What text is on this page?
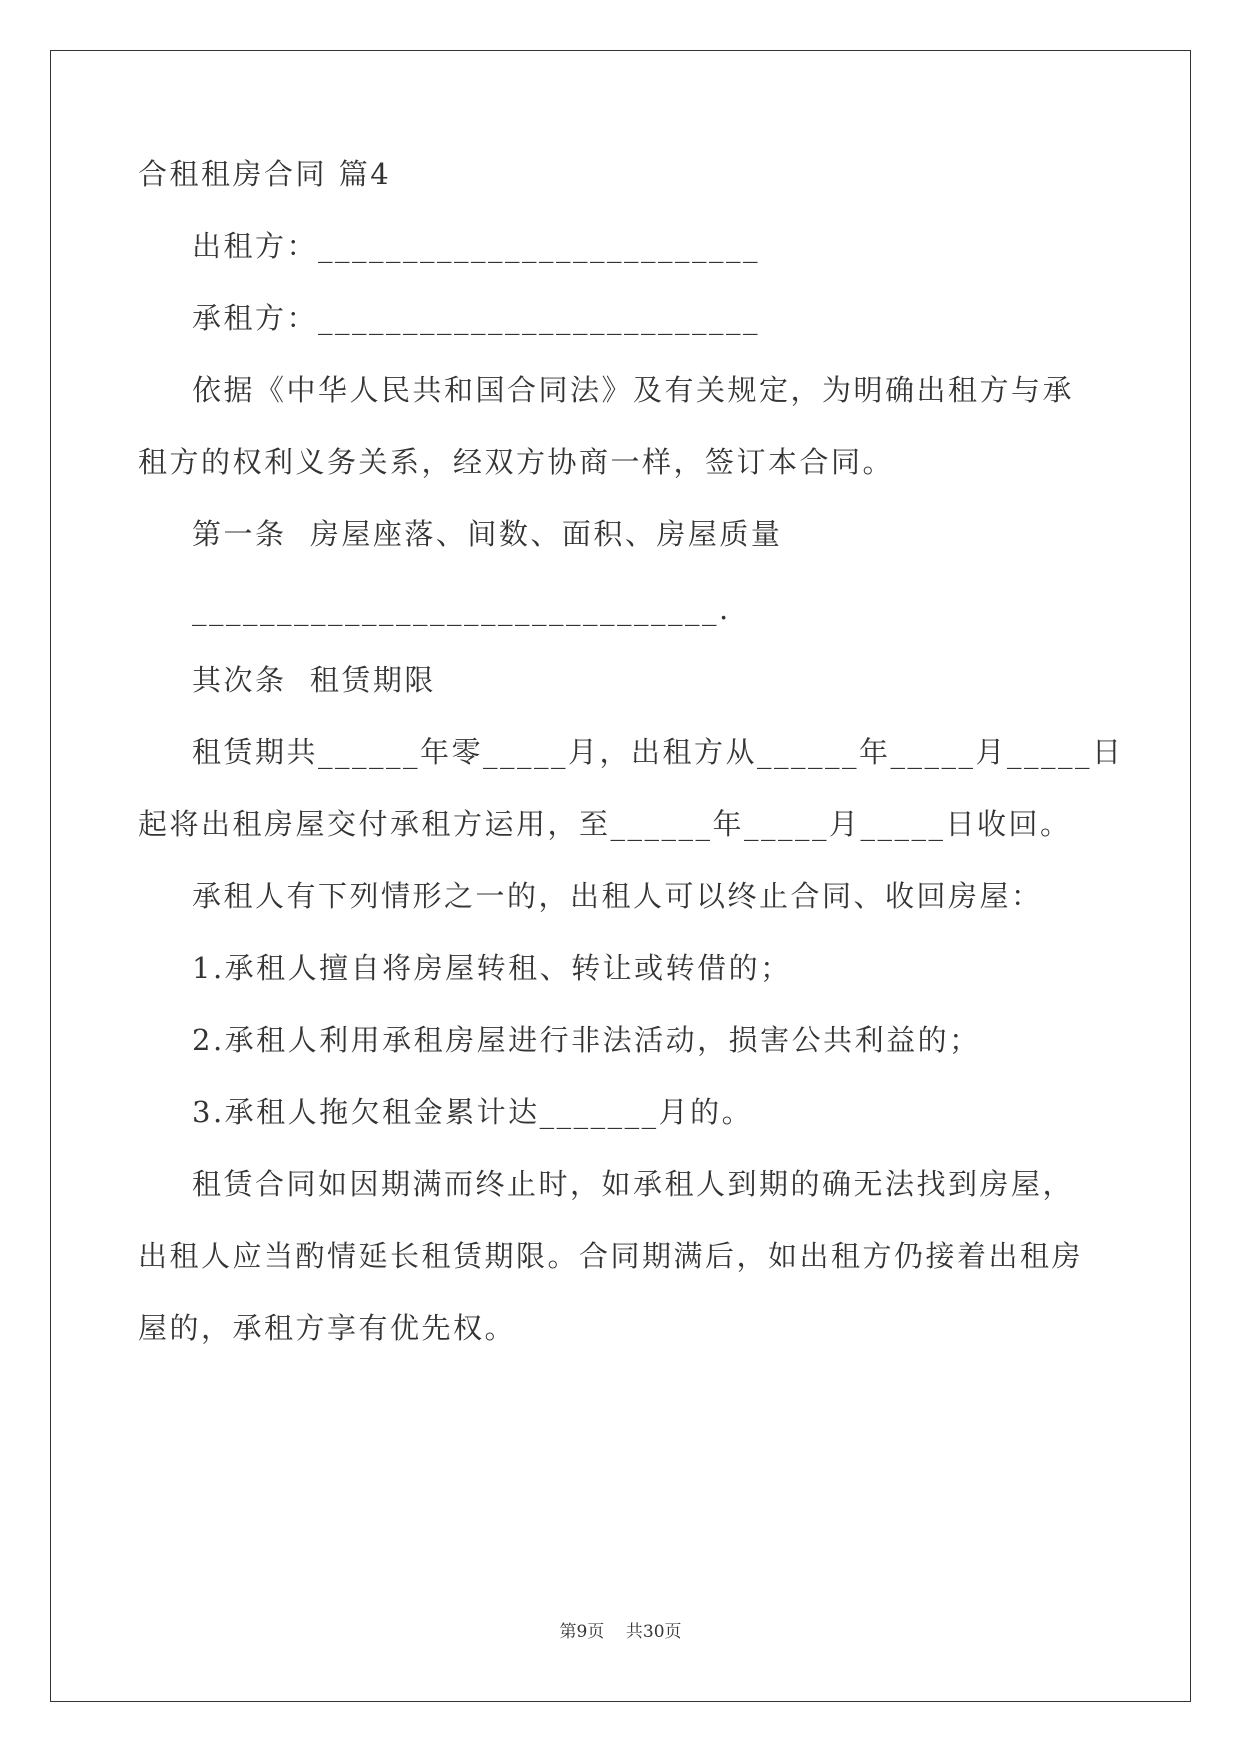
合租租房合同 篇4
出租方：__________________________
承租方：__________________________
依据《中华人民共和国合同法》及有关规定，为明确出租方与承
租方的权利义务关系，经双方协商一样，签订本合同。
第一条  房屋座落、间数、面积、房屋质量
_______________________________.
其次条  租赁期限
租赁期共______年零_____月，出租方从______年_____月_____日
起将出租房屋交付承租方运用，至______年_____月_____日收回。
承租人有下列情形之一的，出租人可以终止合同、收回房屋：
1.承租人擅自将房屋转租、转让或转借的；
2.承租人利用承租房屋进行非法活动，损害公共利益的；
3.承租人拖欠租金累计达_______月的。
租赁合同如因期满而终止时，如承租人到期的确无法找到房屋，
出租人应当酌情延长租赁期限。合同期满后，如出租方仍接着出租房
屋的，承租方享有优先权。
第9页    共30页
